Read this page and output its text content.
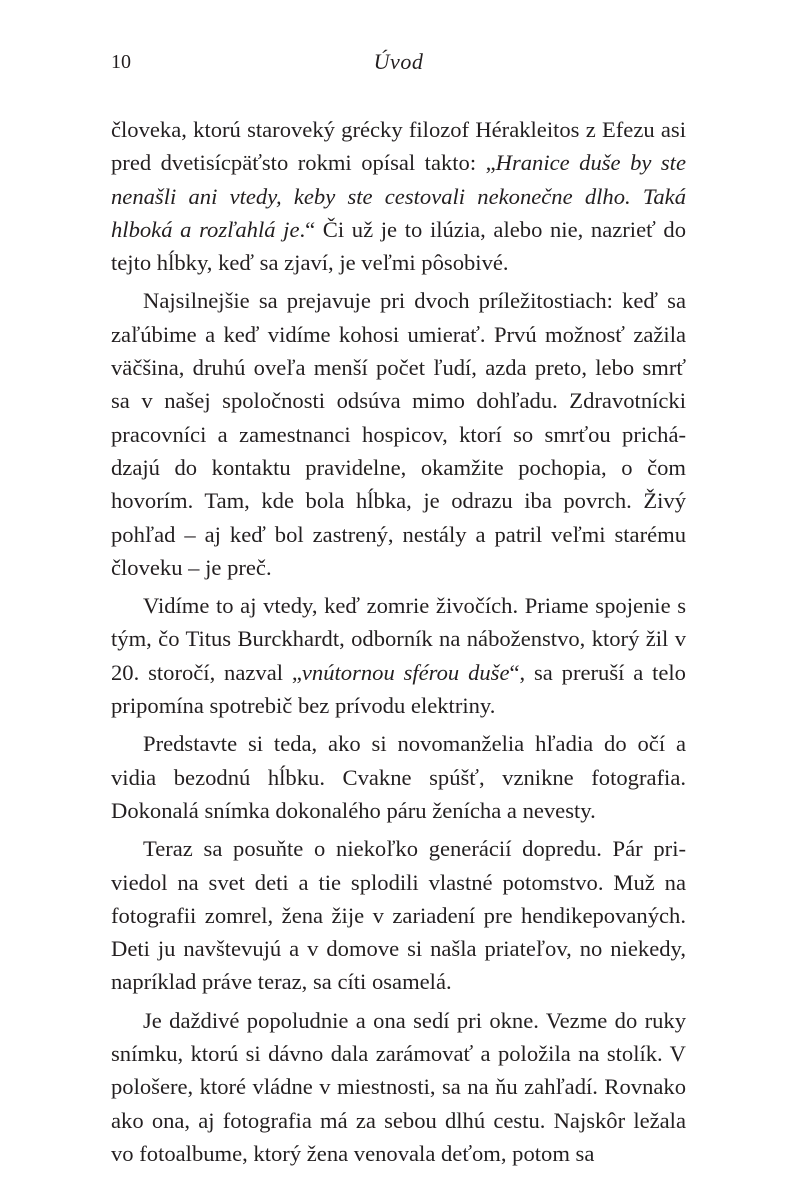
10	Úvod

človeka, ktorú staroveký grécky filozof Hérakleitos z Efezu asi pred dvetisícpäťsto rokmi opísal takto: „Hranice duše by ste nenašli ani vtedy, keby ste cestovali nekonečne dlho. Taká hlboká a rozľahlá je.“ Či už je to ilúzia, alebo nie, nazrieť do tejto hĺbky, keď sa zjaví, je veľmi pôsobivé.

Najsilnejšie sa prejavuje pri dvoch príležitostiach: keď sa zaľúbime a keď vidíme kohosi umierať. Prvú možnosť zažila väčšina, druhú oveľa menší počet ľudí, azda preto, lebo smrť sa v našej spoločnosti odsúva mimo dohľadu. Zdravotnícki pracovníci a zamestnanci hospicov, ktorí so smrťou prichádzajú do kontaktu pravidelne, okamžite pochopia, o čom hovorím. Tam, kde bola hĺbka, je odrazu iba povrch. Živý pohľad – aj keď bol zastrený, nestály a patril veľmi starému človeku – je preč.

Vidíme to aj vtedy, keď zomrie živočích. Priame spojenie s tým, čo Titus Burckhardt, odborník na náboženstvo, ktorý žil v 20. storočí, nazval „vnútornou sférou duše“, sa preruší a telo pripomína spotrebič bez prívodu elektriny.

Predstavte si teda, ako si novomanželia hľadia do očí a vidia bezodnú hĺbku. Cvakne spúšť, vznikne fotografia. Dokonalá snímka dokonalého páru ženícha a nevesty.

Teraz sa posuňte o niekoľko generácií dopredu. Pár priviedol na svet deti a tie splodili vlastné potomstvo. Muž na fotografii zomrel, žena žije v zariadení pre hendikepovaných. Deti ju navštevujú a v domove si našla priateľov, no niekedy, napríklad práve teraz, sa cíti osamelá.

Je daždivé popoludnie a ona sedí pri okne. Vezme do ruky snímku, ktorú si dávno dala zarámovať a položila na stolík. V pološere, ktoré vládne v miestnosti, sa na ňu zahľadí. Rovnako ako ona, aj fotografia má za sebou dlhú cestu. Najskôr ležala vo fotoalbume, ktorý žena venovala deťom, potom sa
